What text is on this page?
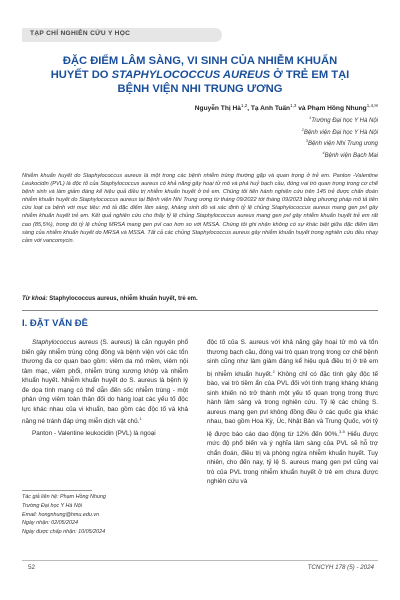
TẠP CHÍ NGHIÊN CỨU Y HỌC
ĐẶC ĐIỂM LÂM SÀNG, VI SINH CỦA NHIỄM KHUẨN
HUYẾT DO STAPHYLOCOCCUS AUREUS Ở TRẺ EM TẠI
BỆNH VIỆN NHI TRUNG ƯƠNG
Nguyễn Thị Hà$^{1,2}$, Tạ Anh Tuấn$^{1,3}$ và Phạm Hồng Nhung$^{1,4,✉}$
$^1$Trường Đại học Y Hà Nội
$^2$Bệnh viện Đại học Y Hà Nội
$^3$Bệnh viện Nhi Trung ương
$^4$Bệnh viện Bạch Mai

Nhiễm khuẩn huyết do Staphylococcus aureus là một trong các bệnh nhiễm trùng thường gặp và quan trọng ở trẻ em. Panton -Valentine Leukocidin (PVL) là độc tố của Staphylococcus aureus có khả năng gây hoại tử mô và phá huỷ bạch cầu, đóng vai trò quan trọng trong cơ chế bệnh sinh và làm giảm đáng kể hiệu quả điều trị nhiễm khuẩn huyết ở trẻ em. Chúng tôi tiến hành nghiên cứu trên 145 trẻ được chẩn đoán nhiễm khuẩn huyết do Staphylococcus aureus tại Bệnh viện Nhi Trung ương từ tháng 09/2022 tới tháng 09/2023 bằng phương pháp mô tả tiến cứu loạt ca bệnh với mục tiêu: mô tả đặc điểm lâm sàng, kháng sinh đồ và xác định tỷ lệ chủng Staphylococcus aureus mang gen pvl gây nhiễm khuẩn huyết trẻ em. Kết quả nghiên cứu cho thấy tỷ lệ chủng Staphylococcus aureus mang gen pvl gây nhiễm khuẩn huyết trẻ em rất cao (85,5%), trong đó tỷ lệ chủng MRSA mang gen pvl cao hơn so với MSSA. Chúng tôi ghi nhận không có sự khác biệt giữa đặc điểm lâm sàng của nhiễm khuẩn huyết do MRSA và MSSA. Tất cả các chủng Staphylococcus aureus gây nhiễm khuẩn huyết trong nghiên cứu đều nhạy cảm với vancomycin.

Từ khoá: Staphylococcus aureus, nhiễm khuẩn huyết, trẻ em.

I. ĐẶT VẤN ĐỀ

Staphylococcus aureus (S. aureus) là căn nguyên phổ biến gây nhiễm trùng cộng đồng và bệnh viện với các tổn thương đa cơ quan bao gồm: viêm da mô mềm, viêm nội tâm mạc, viêm phổi, nhiễm trùng xương khớp và nhiễm khuẩn huyết. Nhiễm khuẩn huyết do S. aureus là bệnh lý đe dọa tính mạng có thể dẫn đến sốc nhiễm trùng - một phản ứng viêm toàn thân đối do hàng loạt các yếu tố độc lực khác nhau của vi khuẩn, bao gồm các độc tố và khả năng né tránh đáp ứng miễn dịch vật chủ.$^1$

Panton - Valentine leukocidin (PVL) là ngoại

độc tố của S. aureus với khả năng gây hoại tử mô và tổn thương bạch cầu, đóng vai trò quan trọng trong cơ chế bệnh sinh cũng như làm giảm đáng kể hiệu quả điều trị ở trẻ em bị nhiễm khuẩn huyết.$^2$ Không chỉ có đặc tính gây độc tế bào, vai trò tiềm ẩn của PVL đối với tình trạng kháng kháng sinh khiến nó trở thành một yếu tố quan trọng trong thực hành lâm sàng và trong nghiên cứu. Tỷ lệ các chủng S. aureus mang gen pvl không đồng đều ở các quốc gia khác nhau, bao gồm Hoa Kỳ, Úc, Nhật Bản và Trung Quốc, với tỷ lệ được báo cáo dao động từ 12% đến 90%.$^{3-5}$ Hiểu được mức độ phổ biến và ý nghĩa lâm sàng của PVL sẽ hỗ trợ chẩn đoán, điều trị và phòng ngừa nhiễm khuẩn huyết. Tuy nhiên, cho đến nay, tỷ lệ S. aureus mang gen pvl cũng vai trò của PVL trong nhiễm khuẩn huyết ở trẻ em chưa được nghiên cứu và

Tác giả liên hệ: Phạm Hồng Nhung
Trường Đại học Y Hà Nội
Email: hongnhung@hmu.edu.vn
Ngày nhận: 02/05/2024
Ngày được chấp nhận: 10/05/2024
52	TCNCYH 178 (5) - 2024
